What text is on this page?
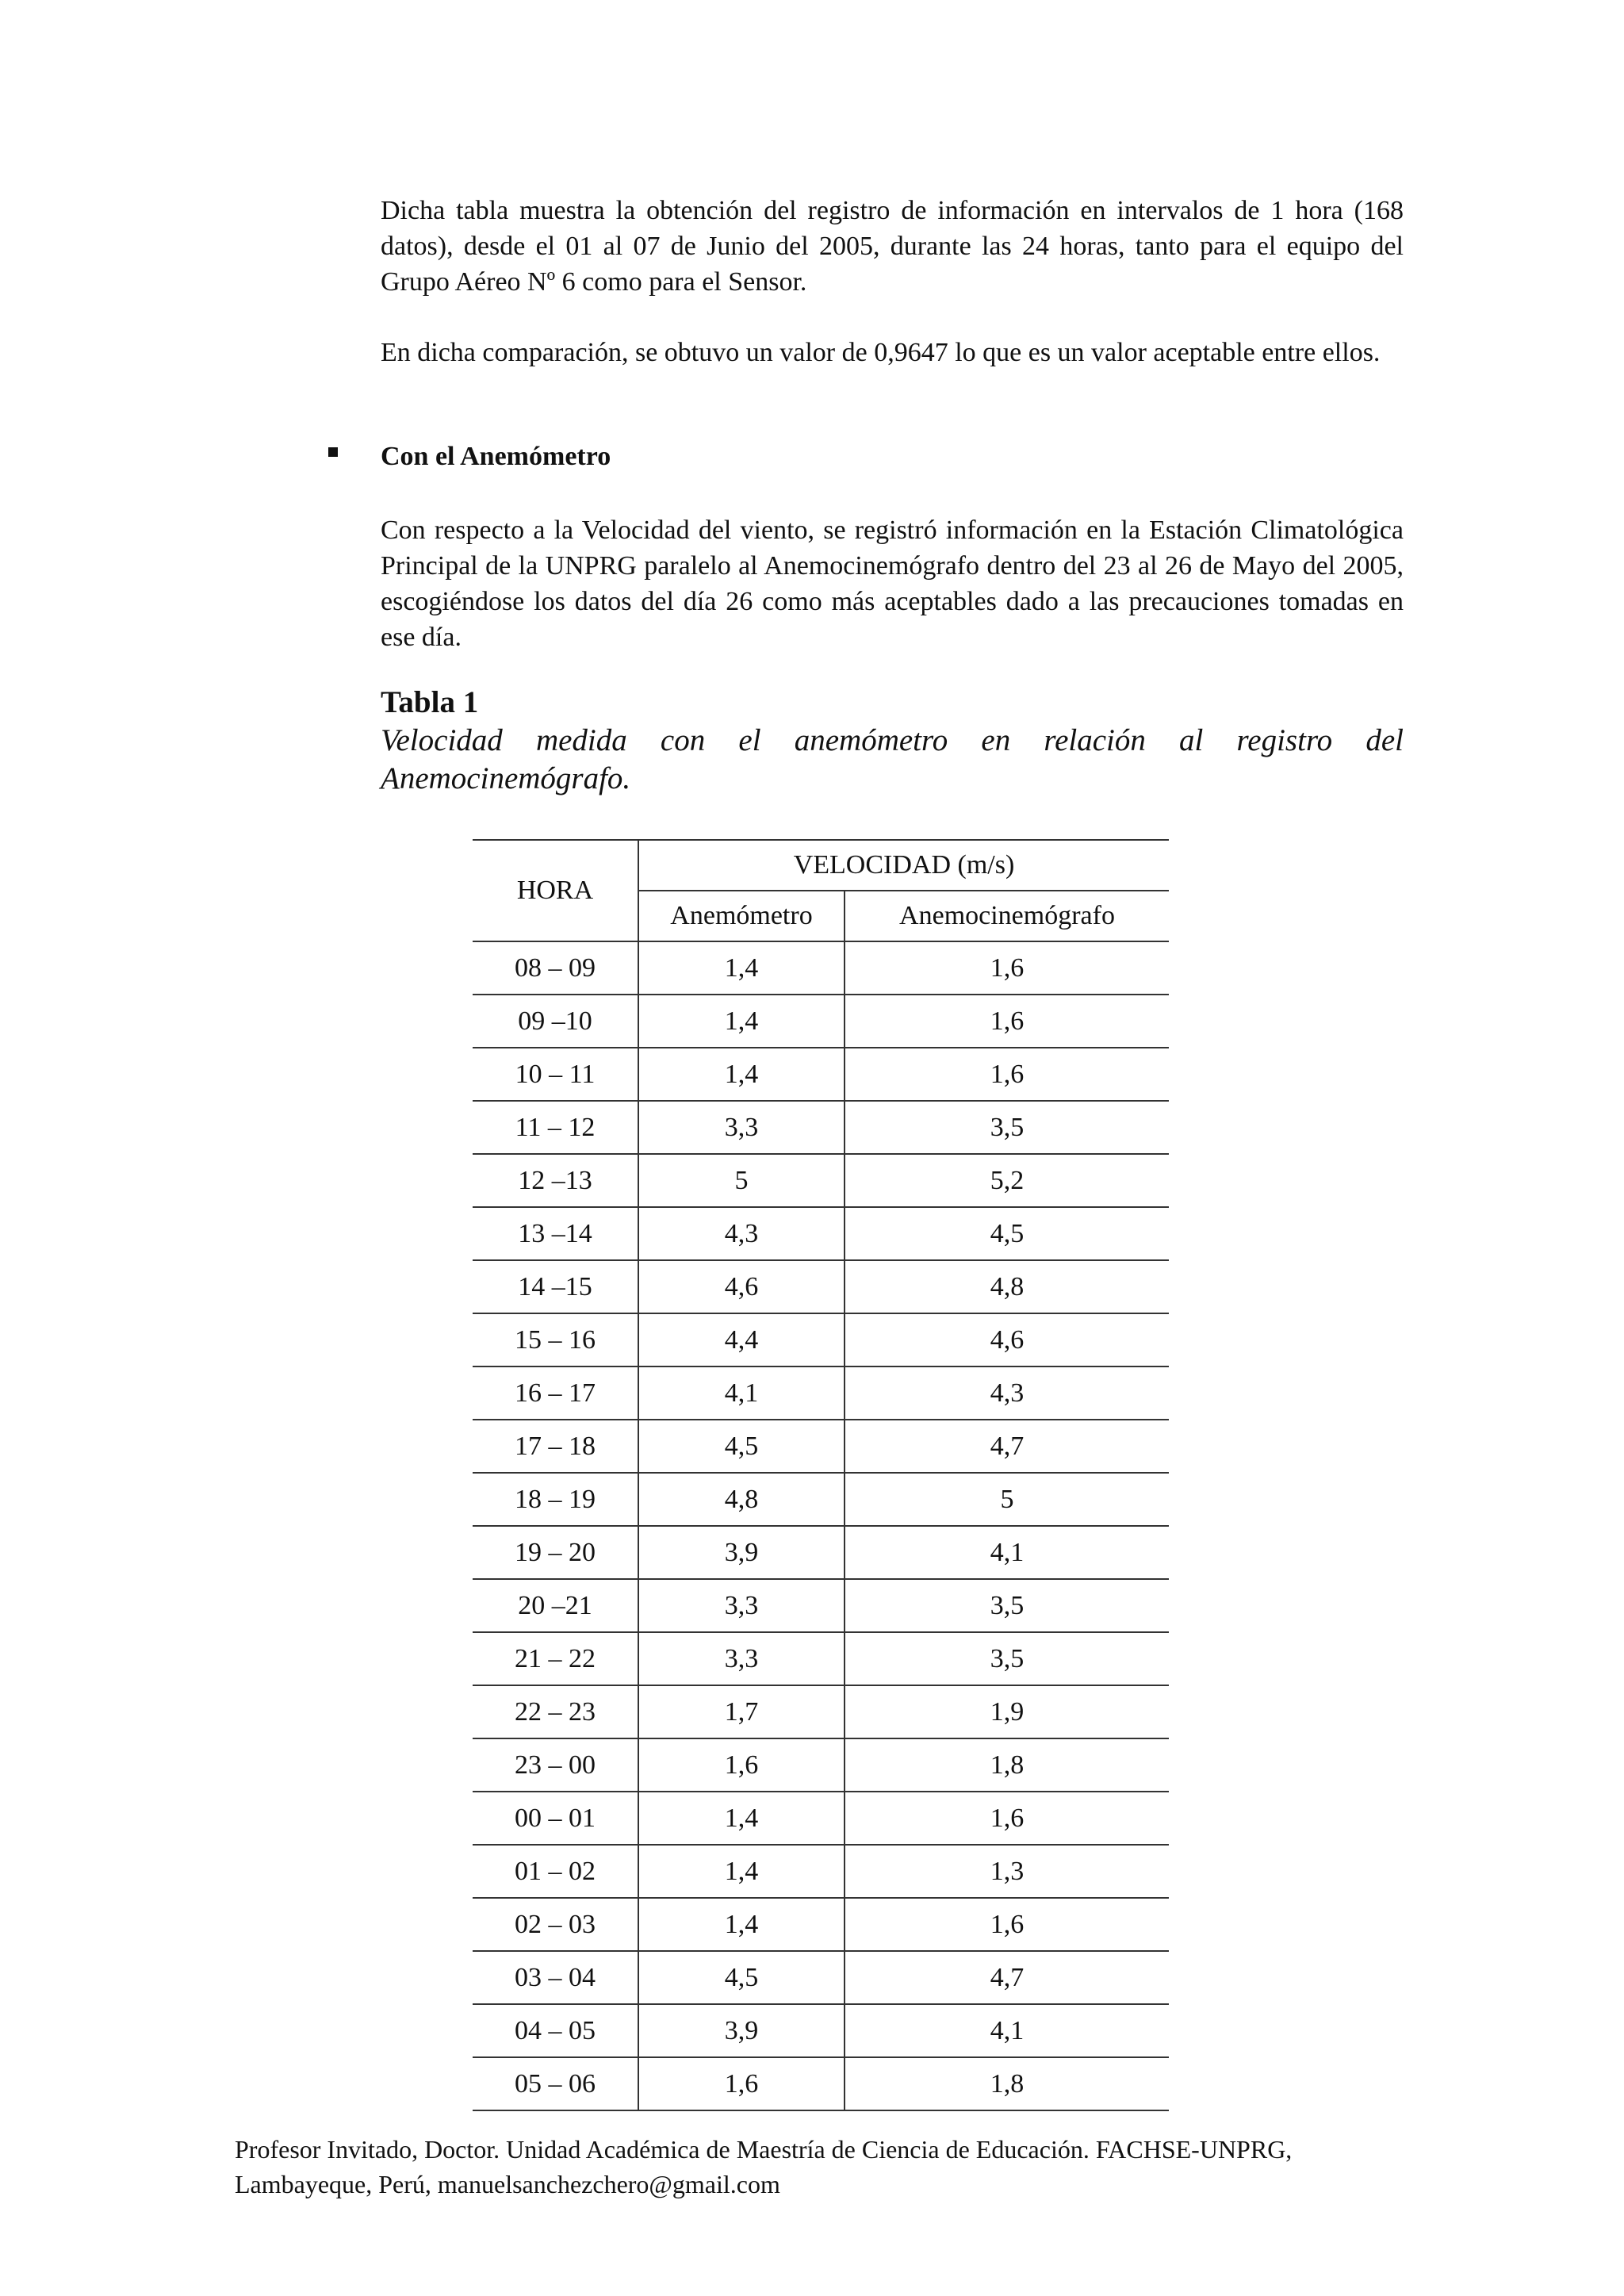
Dicha tabla muestra la obtención del registro de información en intervalos de 1 hora (168 datos), desde el 01 al 07 de Junio del 2005, durante las 24 horas, tanto para el equipo del Grupo Aéreo Nº 6 como para el Sensor.

En dicha comparación, se obtuvo un valor de 0,9647 lo que es un valor aceptable entre ellos.

Con el Anemómetro

Con respecto a la Velocidad del viento, se registró información en la Estación Climatológica Principal de la UNPRG paralelo al Anemocinemógrafo dentro del 23 al 26 de Mayo del 2005, escogiéndose los datos del día 26 como más aceptables dado a las precauciones tomadas en ese día.

Tabla 1

Velocidad medida con el anemómetro en relación al registro del Anemocinemógrafo.

HORA	VELOCIDAD (m/s)	
	Anemómetro	Anemocinemógrafo
08 – 09	1,4	1,6
09 –10	1,4	1,6
10 – 11	1,4	1,6
11 – 12	3,3	3,5
12 –13	5	5,2
13 –14	4,3	4,5
14 –15	4,6	4,8
15 – 16	4,4	4,6
16 – 17	4,1	4,3
17 – 18	4,5	4,7
18 – 19	4,8	5
19 – 20	3,9	4,1
20 –21	3,3	3,5
21 – 22	3,3	3,5
22 – 23	1,7	1,9
23 – 00	1,6	1,8
00 – 01	1,4	1,6
01 – 02	1,4	1,3
02 – 03	1,4	1,6
03 – 04	4,5	4,7
04 – 05	3,9	4,1
05 – 06	1,6	1,8

Profesor Invitado, Doctor. Unidad Académica de Maestría de Ciencia de Educación. FACHSE-UNPRG,
Lambayeque, Perú, manuelsanchezchero@gmail.com
